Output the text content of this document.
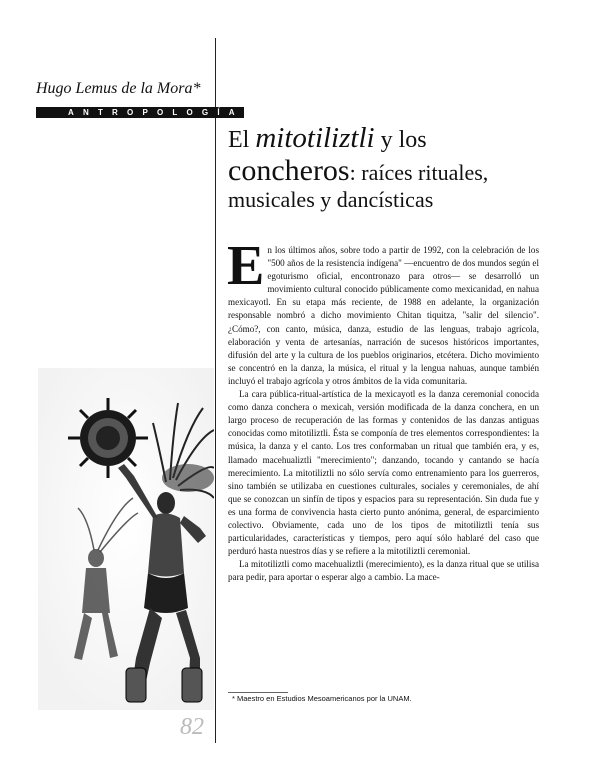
Hugo Lemus de la Mora*
ANTROPOLOGÍA
El mitotiliztli y los
concheros: raíces rituales,
musicales y dancísticas
82

En los últimos años, sobre todo a partir de 1992, con la celebración de los "500 años de la resistencia indígena" —encuentro de dos mundos según el egoturismo oficial, encontronazo para otros— se desarrolló un movimiento cultural conocido públicamente como mexicanidad, en nahua mexicayotl. En su etapa más reciente, de 1988 en adelante, la organización responsable nombró a dicho movimiento Chitan tiquitza, "salir del silencio". ¿Cómo?, con canto, música, danza, estudio de las lenguas, trabajo agrícola, elaboración y venta de artesanías, narración de sucesos históricos importantes, difusión del arte y la cultura de los pueblos originarios, etcétera. Dicho movimiento se concentró en la danza, la música, el ritual y la lengua nahuas, aunque también incluyó el trabajo agrícola y otros ámbitos de la vida comunitaria.

La cara pública-ritual-artística de la mexicayotl es la danza ceremonial conocida como danza conchera o mexicah, versión modificada de la danza conchera, en un largo proceso de recuperación de las formas y contenidos de las danzas antiguas conocidas como mitotiliztli. Ésta se componía de tres elementos correspondientes: la música, la danza y el canto. Los tres conformaban un ritual que también era, y es, llamado macehualiztli "merecimiento"; danzando, tocando y cantando se hacía merecimiento. La mitotiliztli no sólo servía como entrenamiento para los guerreros, sino también se utilizaba en cuestiones culturales, sociales y ceremoniales, de ahí que se conozcan un sinfín de tipos y espacios para su representación. Sin duda fue y es una forma de convivencia hasta cierto punto anónima, general, de esparcimiento colectivo. Obviamente, cada uno de los tipos de mitotiliztli tenía sus particularidades, características y tiempos, pero aquí sólo hablaré del caso que perduró hasta nuestros días y se refiere a la mitotiliztli ceremonial.

La mitotiliztli como macehualiztli (merecimiento), es la danza ritual que se utilisa para pedir, para aportar o esperar algo a cambio. La mace-

* Maestro en Estudios Mesoamericanos por la UNAM.
